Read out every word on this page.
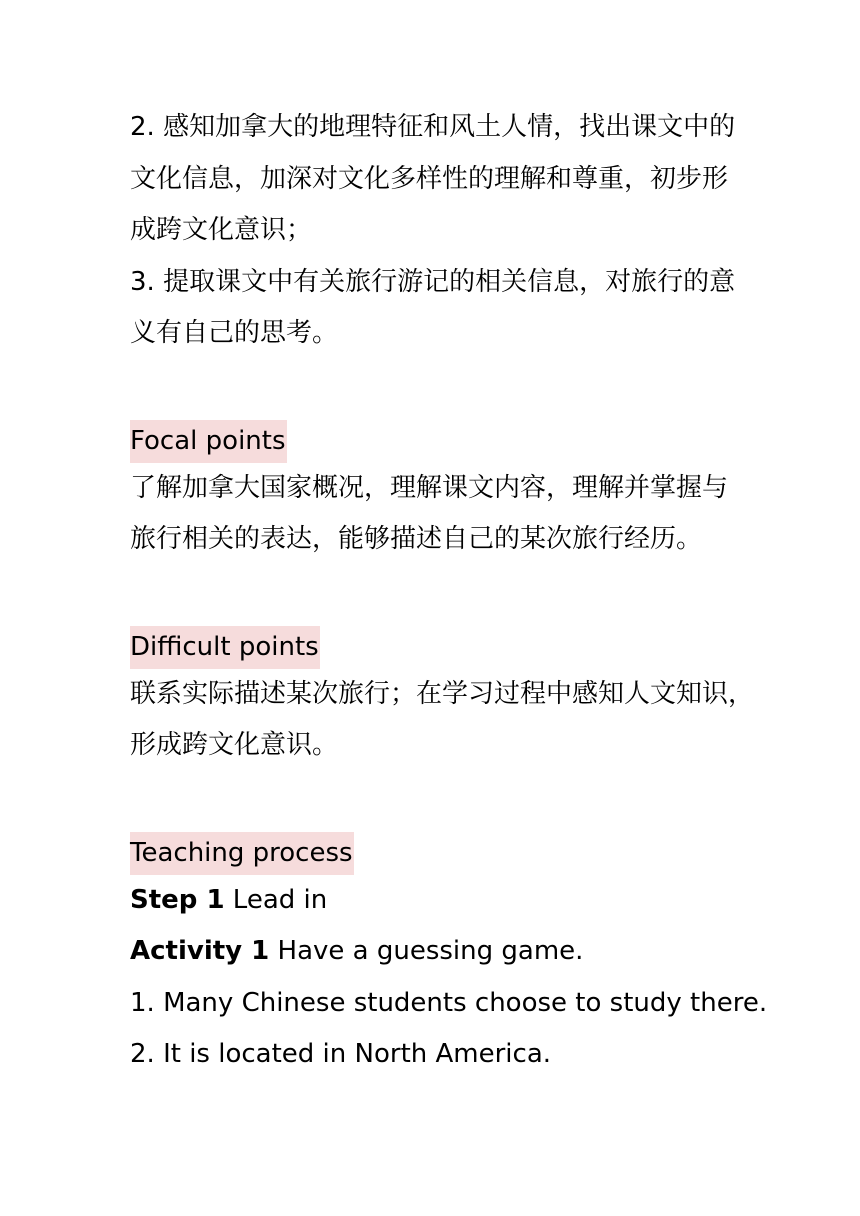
2. 感知加拿大的地理特征和风土人情，找出课文中的

文化信息，加深对文化多样性的理解和尊重，初步形

成跨文化意识；

3. 提取课文中有关旅行游记的相关信息，对旅行的意

义有自己的思考。

Focal points

了解加拿大国家概况，理解课文内容，理解并掌握与

旅行相关的表达，能够描述自己的某次旅行经历。

Difficult points

联系实际描述某次旅行；在学习过程中感知人文知识，

形成跨文化意识。

Teaching process

Step 1 Lead in

Activity 1 Have a guessing game.

1. Many Chinese students choose to study there.

2. It is located in North America.
